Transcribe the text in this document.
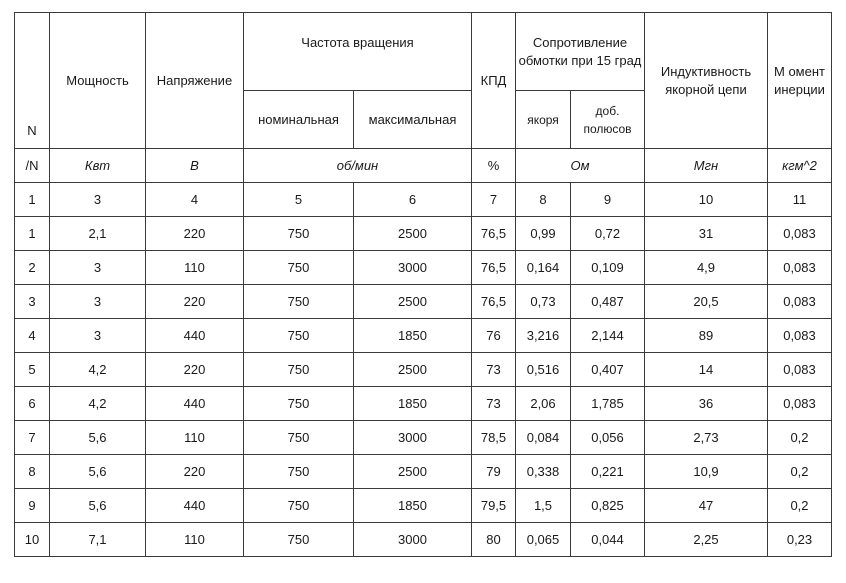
N	Мощность	Напряжение	Частота вращения		КПД	Сопротивление обмотки при 15 град		Индуктивность якорной цепи	М омент инерции
			номинальная	максимальная		якоря	доб. полюсов		
/N	Квт	В	об/мин		%	Ом		Мгн	кгм^2
1	3	4	5	6	7	8	9	10	11
1	2,1	220	750	2500	76,5	0,99	0,72	31	0,083
2	3	110	750	3000	76,5	0,164	0,109	4,9	0,083
3	3	220	750	2500	76,5	0,73	0,487	20,5	0,083
4	3	440	750	1850	76	3,216	2,144	89	0,083
5	4,2	220	750	2500	73	0,516	0,407	14	0,083
6	4,2	440	750	1850	73	2,06	1,785	36	0,083
7	5,6	110	750	3000	78,5	0,084	0,056	2,73	0,2
8	5,6	220	750	2500	79	0,338	0,221	10,9	0,2
9	5,6	440	750	1850	79,5	1,5	0,825	47	0,2
10	7,1	110	750	3000	80	0,065	0,044	2,25	0,23
